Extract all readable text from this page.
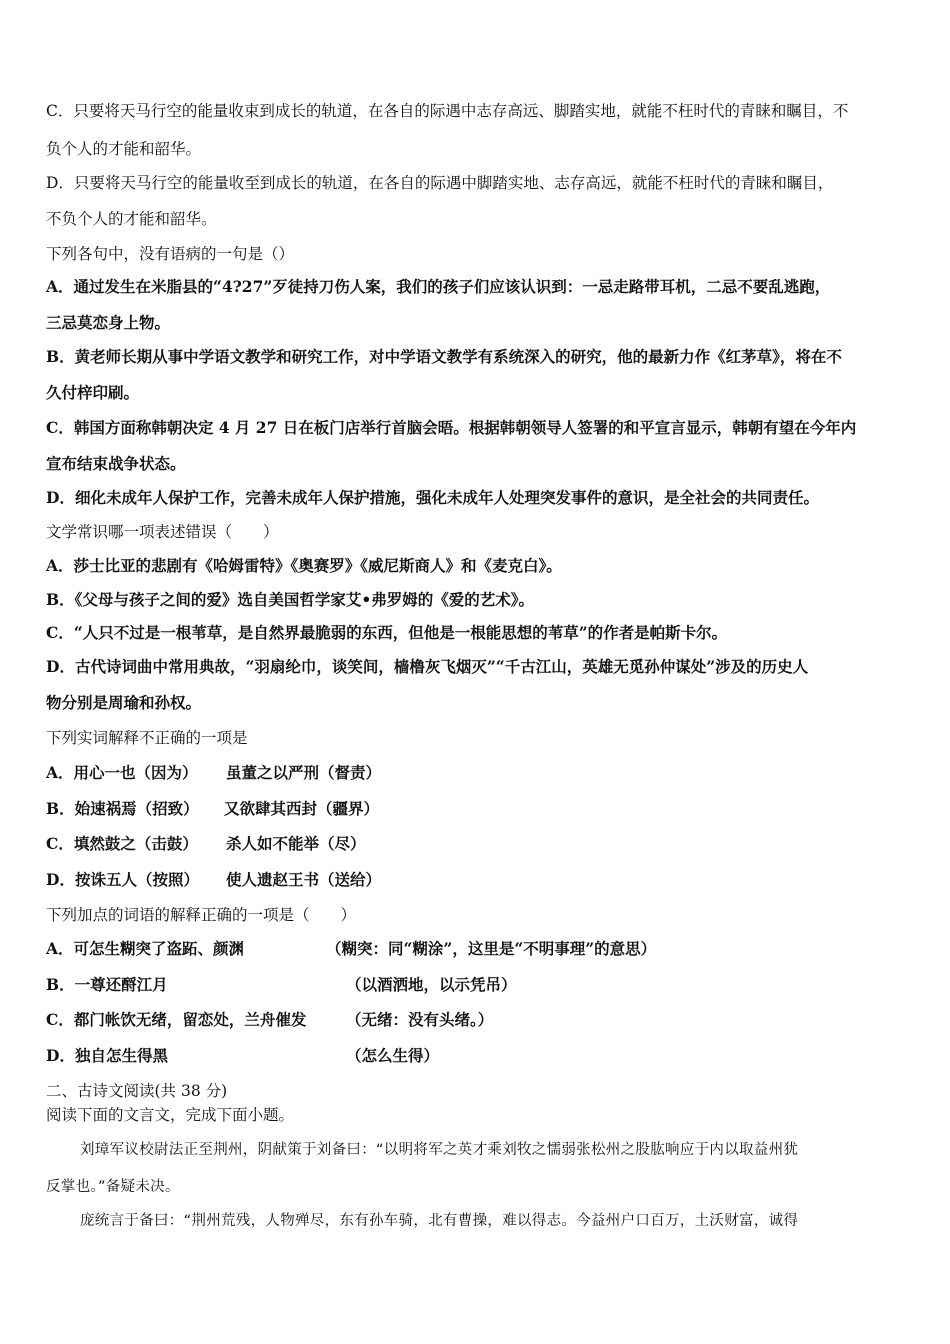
C．只要将天马行空的能量收束到成长的轨道，在各自的际遇中志存高远、脚踏实地，就能不枉时代的青睐和瞩目，不
负个人的才能和韶华。
D．只要将天马行空的能量收至到成长的轨道，在各自的际遇中脚踏实地、志存高远，就能不枉时代的青睐和瞩目，
不负个人的才能和韶华。
下列各句中，没有语病的一句是（）
A．通过发生在米脂县的“4?27”歹徒持刀伤人案，我们的孩子们应该认识到：一忌走路带耳机，二忌不要乱逃跑，
三忌莫恋身上物。
B．黄老师长期从事中学语文教学和研究工作，对中学语文教学有系统深入的研究，他的最新力作《红茅草》，将在不
久付梓印刷。
C．韩国方面称韩朝决定 4 月 27 日在板门店举行首脑会晤。根据韩朝领导人签署的和平宣言显示，韩朝有望在今年内
宣布结束战争状态。
D．细化未成年人保护工作，完善未成年人保护措施，强化未成年人处理突发事件的意识，是全社会的共同责任。
文学常识哪一项表述错误（　　）
A．莎士比亚的悲剧有《哈姆雷特》《奥赛罗》《威尼斯商人》和《麦克白》。
B．《父母与孩子之间的爱》选自美国哲学家艾•弗罗姆的《爱的艺术》。
C．“人只不过是一根苇草，是自然界最脆弱的东西，但他是一根能思想的苇草”的作者是帕斯卡尔。
D．古代诗词曲中常用典故，“羽扇纶巾，谈笑间，樯橹灰飞烟灭”“千古江山，英雄无觅孙仲谋处”涉及的历史人
物分别是周瑜和孙权。
下列实词解释不正确的一项是
A．用心一也（因为） 虽董之以严刑（督责）
B．始速祸焉（招致） 又欲肆其西封（疆界）
C．填然鼓之（击鼓） 杀人如不能举（尽）
D．按诛五人（按照） 使人遗赵王书（送给）
下列加点的词语的解释正确的一项是（　　）
A．可怎生糊突了盗跖、颜渊	（糊突：同“糊涂”，这里是“不明事理”的意思）
B．一尊还酹江月	（以酒洒地，以示凭吊）
C．都门帐饮无绪，留恋处，兰舟催发	（无绪：没有头绪。）
D．独自怎生得黑	（怎么生得）
二、古诗文阅读(共 38 分)
阅读下面的文言文，完成下面小题。
刘璋军议校尉法正至荆州，阴献策于刘备曰：“以明将军之英才乘刘牧之懦弱张松州之股肱响应于内以取益州犹
反掌也。”备疑未决。
庞统言于备曰：“荆州荒残，人物殚尽，东有孙车骑，北有曹操，难以得志。今益州户口百万，土沃财富，诚得
